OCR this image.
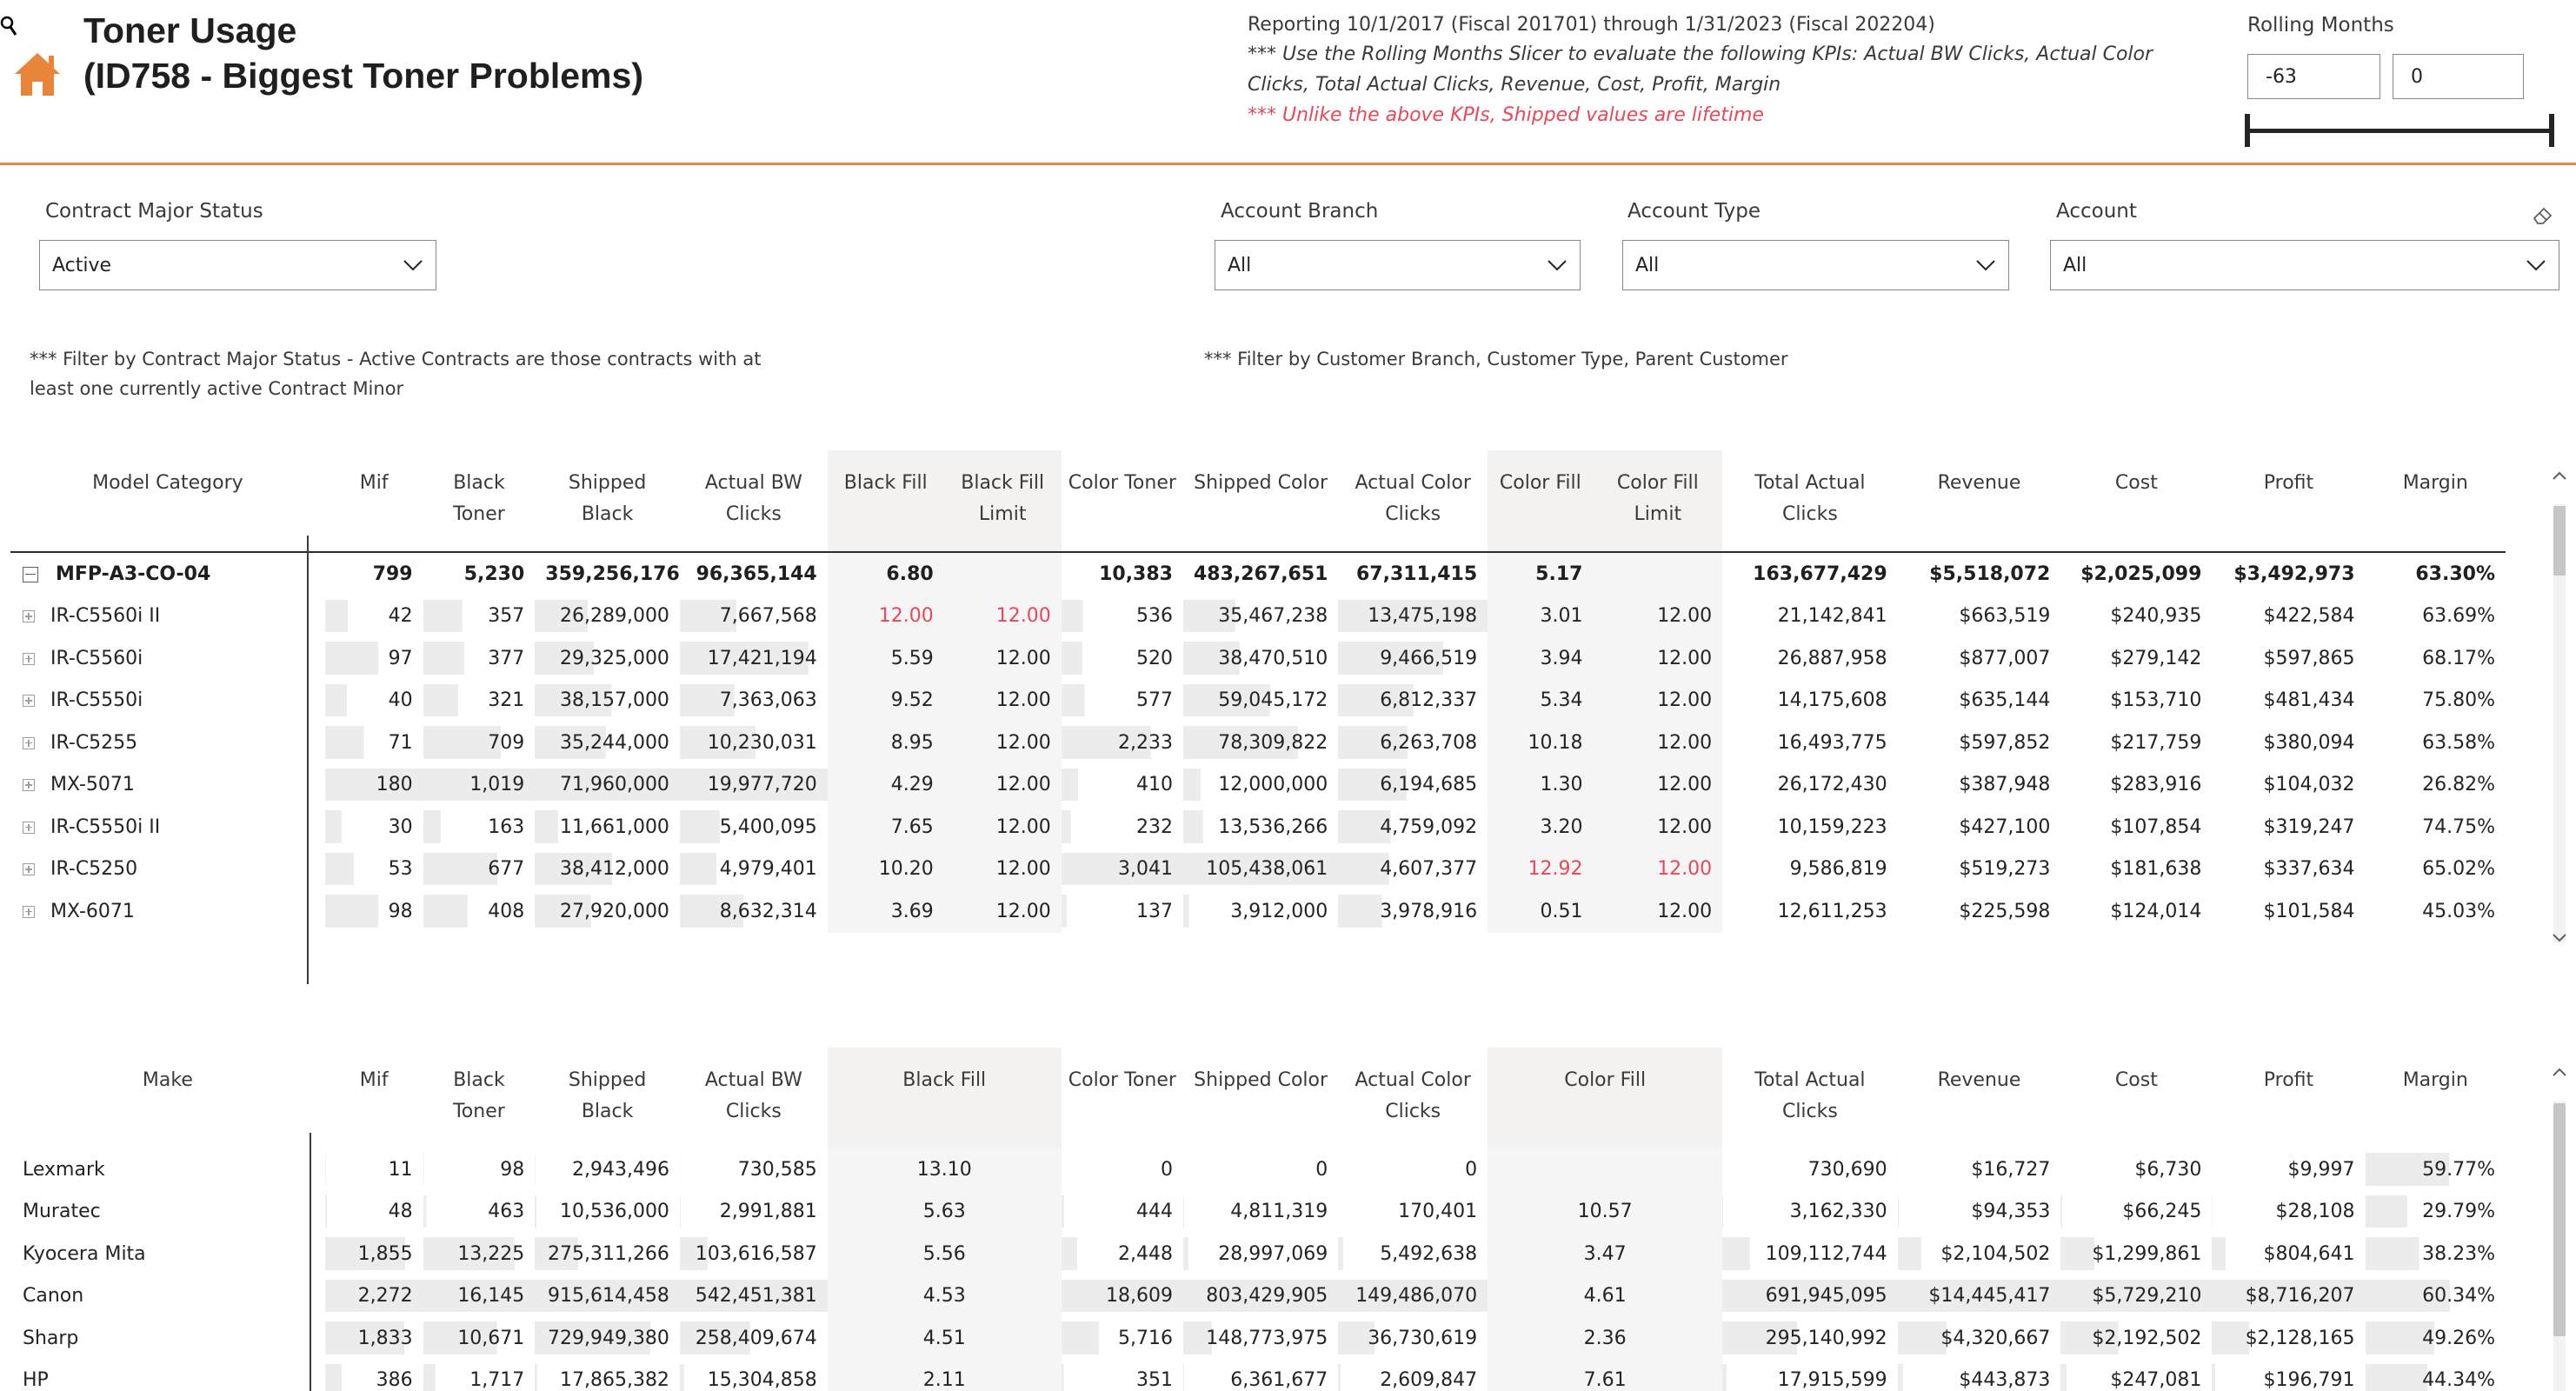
Toner Usage
(ID758 - Biggest Toner Problems)
Reporting 10/1/2017 (Fiscal 201701) through 1/31/2023 (Fiscal 202204)
*** Use the Rolling Months Slicer to evaluate the following KPIs: Actual BW Clicks, Actual Color
Clicks, Total Actual Clicks, Revenue, Cost, Profit, Margin
*** Unlike the above KPIs, Shipped values are lifetime
Rolling Months
-63	0
Contract Major Status
Active
Account Branch
All
Account Type
All
Account
All
*** Filter by Contract Major Status - Active Contracts are those contracts with at least one currently active Contract Minor
*** Filter by Customer Branch, Customer Type, Parent Customer
Model Category	Mif	Black Toner	Shipped Black	Actual BW Clicks	Black Fill	Black Fill Limit	Color Toner	Shipped Color	Actual Color Clicks	Color Fill	Color Fill Limit	Total Actual Clicks	Revenue	Cost	Profit	Margin
MFP-A3-CO-04	799	5,230	359,256,176	96,365,144	6.80		10,383	483,267,651	67,311,415	5.17		163,677,429	$5,518,072	$2,025,099	$3,492,973	63.30%
IR-C5560i II	42	357	26,289,000	7,667,568	12.00	12.00	536	35,467,238	13,475,198	3.01	12.00	21,142,841	$663,519	$240,935	$422,584	63.69%
IR-C5560i	97	377	29,325,000	17,421,194	5.59	12.00	520	38,470,510	9,466,519	3.94	12.00	26,887,958	$877,007	$279,142	$597,865	68.17%
IR-C5550i	40	321	38,157,000	7,363,063	9.52	12.00	577	59,045,172	6,812,337	5.34	12.00	14,175,608	$635,144	$153,710	$481,434	75.80%
IR-C5255	71	709	35,244,000	10,230,031	8.95	12.00	2,233	78,309,822	6,263,708	10.18	12.00	16,493,775	$597,852	$217,759	$380,094	63.58%
MX-5071	180	1,019	71,960,000	19,977,720	4.29	12.00	410	12,000,000	6,194,685	1.30	12.00	26,172,430	$387,948	$283,916	$104,032	26.82%
IR-C5550i II	30	163	11,661,000	5,400,095	7.65	12.00	232	13,536,266	4,759,092	3.20	12.00	10,159,223	$427,100	$107,854	$319,247	74.75%
IR-C5250	53	677	38,412,000	4,979,401	10.20	12.00	3,041	105,438,061	4,607,377	12.92	12.00	9,586,819	$519,273	$181,638	$337,634	65.02%
MX-6071	98	408	27,920,000	8,632,314	3.69	12.00	137	3,912,000	3,978,916	0.51	12.00	12,611,253	$225,598	$124,014	$101,584	45.03%
Make	Mif	Black Toner	Shipped Black	Actual BW Clicks	Black Fill	Color Toner	Shipped Color	Actual Color Clicks	Color Fill	Total Actual Clicks	Revenue	Cost	Profit	Margin
Lexmark	11	98	2,943,496	730,585	13.10	0	0	0		730,690	$16,727	$6,730	$9,997	59.77%
Muratec	48	463	10,536,000	2,991,881	5.63	444	4,811,319	170,401	10.57	3,162,330	$94,353	$66,245	$28,108	29.79%
Kyocera Mita	1,855	13,225	275,311,266	103,616,587	5.56	2,448	28,997,069	5,492,638	3.47	109,112,744	$2,104,502	$1,299,861	$804,641	38.23%
Canon	2,272	16,145	915,614,458	542,451,381	4.53	18,609	803,429,905	149,486,070	4.61	691,945,095	$14,445,417	$5,729,210	$8,716,207	60.34%
Sharp	1,833	10,671	729,949,380	258,409,674	4.51	5,716	148,773,975	36,730,619	2.36	295,140,992	$4,320,667	$2,192,502	$2,128,165	49.26%
HP	386	1,717	17,865,382	15,304,858	2.11	351	6,361,677	2,609,847	7.61	17,915,599	$443,873	$247,081	$196,791	44.34%
